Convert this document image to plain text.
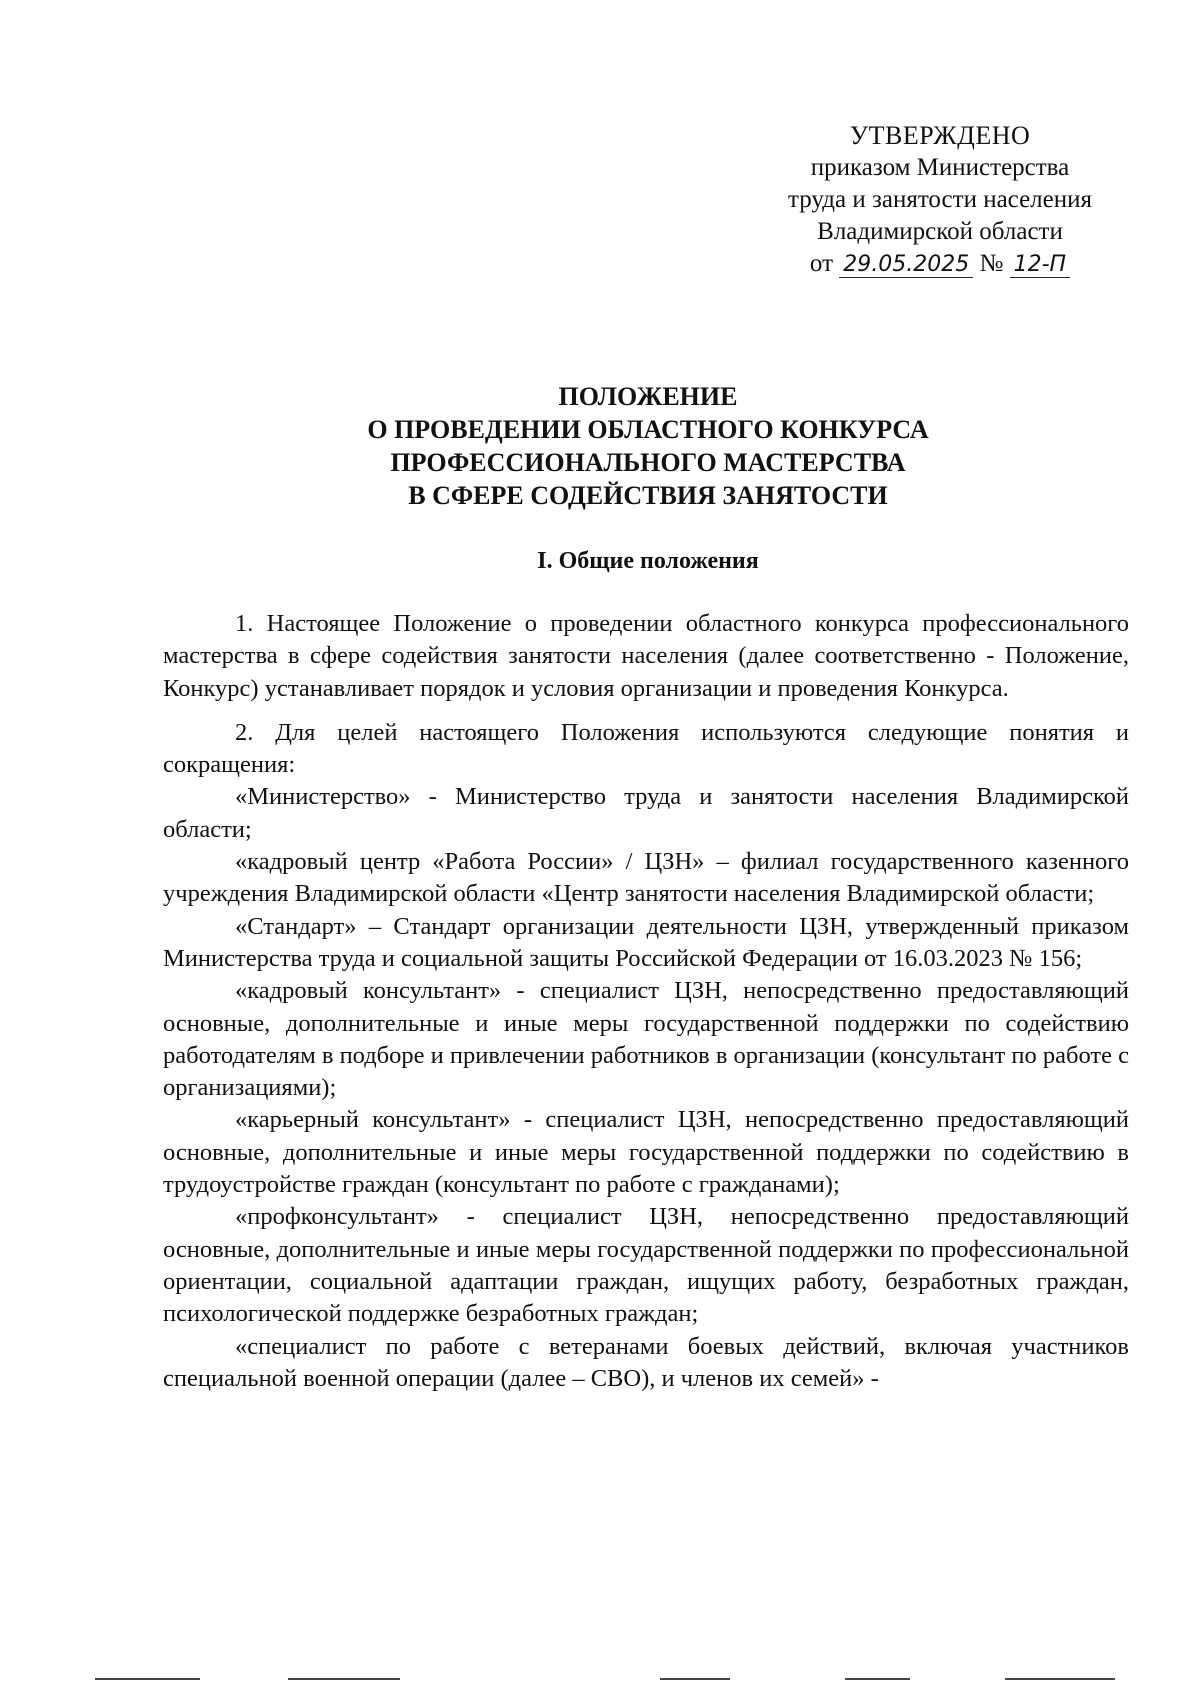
УТВЕРЖДЕНО
приказом Министерства
труда и занятости населения
Владимирской области
от 29.05.2025 № 12-П
ПОЛОЖЕНИЕ
О ПРОВЕДЕНИИ ОБЛАСТНОГО КОНКУРСА
ПРОФЕССИОНАЛЬНОГО МАСТЕРСТВА
В СФЕРЕ СОДЕЙСТВИЯ ЗАНЯТОСТИ
I. Общие положения

1. Настоящее Положение о проведении областного конкурса профессионального мастерства в сфере содействия занятости населения (далее соответственно - Положение, Конкурс) устанавливает порядок и условия организации и проведения Конкурса.

2. Для целей настоящего Положения используются следующие понятия и сокращения:

«Министерство» - Министерство труда и занятости населения Владимирской области;

«кадровый центр «Работа России» / ЦЗН» – филиал государственного казенного учреждения Владимирской области «Центр занятости населения Владимирской области;

«Стандарт» – Стандарт организации деятельности ЦЗН, утвержденный приказом Министерства труда и социальной защиты Российской Федерации от 16.03.2023 № 156;

«кадровый консультант» - специалист ЦЗН, непосредственно предоставляющий основные, дополнительные и иные меры государственной поддержки по содействию работодателям в подборе и привлечении работников в организации (консультант по работе с организациями);

«карьерный консультант» - специалист ЦЗН, непосредственно предоставляющий основные, дополнительные и иные меры государственной поддержки по содействию в трудоустройстве граждан (консультант по работе с гражданами);

«профконсультант» - специалист ЦЗН, непосредственно предоставляющий основные, дополнительные и иные меры государственной поддержки по профессиональной ориентации, социальной адаптации граждан, ищущих работу, безработных граждан, психологической поддержке безработных граждан;

«специалист по работе с ветеранами боевых действий, включая участников специальной военной операции (далее – СВО), и членов их семей» -
